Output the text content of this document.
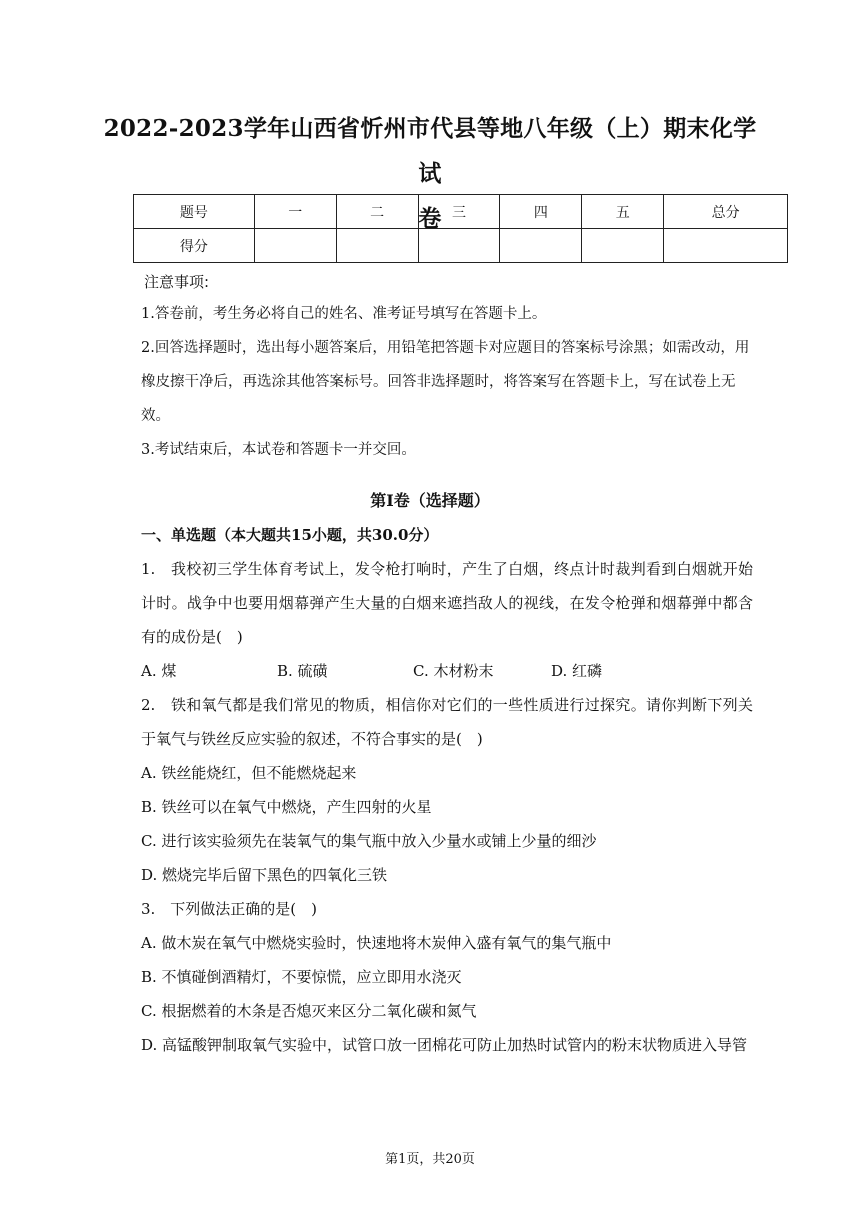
2022-2023学年山西省忻州市代县等地八年级（上）期末化学试
卷
题号	一	二	三	四	五	总分
得分						
注意事项:
1.答卷前，考生务必将自己的姓名、准考证号填写在答题卡上。
2.回答选择题时，选出每小题答案后，用铅笔把答题卡对应题目的答案标号涂黑；如需改动，用橡皮擦干净后，再选涂其他答案标号。回答非选择题时，将答案写在答题卡上，写在试卷上无效。
3.考试结束后，本试卷和答题卡一并交回。
第I卷（选择题）
一、单选题（本大题共15小题，共30.0分）
1.　我校初三学生体育考试上，发令枪打响时，产生了白烟，终点计时裁判看到白烟就开始计时。战争中也要用烟幕弹产生大量的白烟来遮挡敌人的视线，在发令枪弹和烟幕弹中都含有的成份是(　)
A. 煤	B. 硫磺	C. 木材粉末	D. 红磷
2.　铁和氧气都是我们常见的物质，相信你对它们的一些性质进行过探究。请你判断下列关于氧气与铁丝反应实验的叙述，不符合事实的是(　)
A. 铁丝能烧红，但不能燃烧起来
B. 铁丝可以在氧气中燃烧，产生四射的火星
C. 进行该实验须先在装氧气的集气瓶中放入少量水或铺上少量的细沙
D. 燃烧完毕后留下黑色的四氧化三铁
3.　下列做法正确的是(　)
A. 做木炭在氧气中燃烧实验时，快速地将木炭伸入盛有氧气的集气瓶中
B. 不慎碰倒酒精灯，不要惊慌，应立即用水浇灭
C. 根据燃着的木条是否熄灭来区分二氧化碳和氮气
D. 高锰酸钾制取氧气实验中，试管口放一团棉花可防止加热时试管内的粉末状物质进入导管
第1页，共20页
